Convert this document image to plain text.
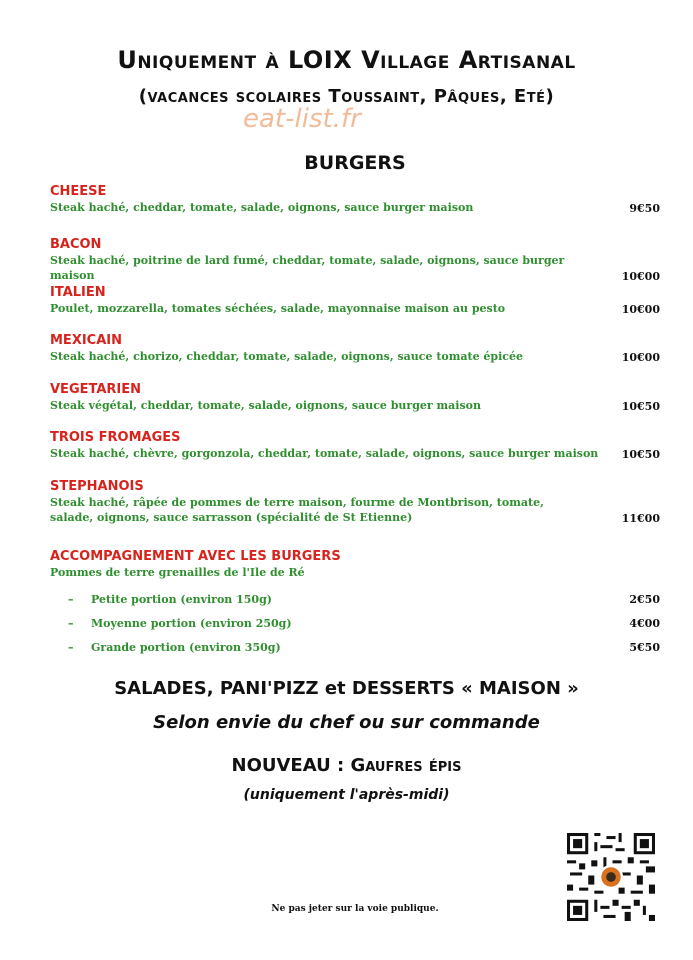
Uniquement à LOIX Village Artisanal
(vacances scolaires Toussaint, Pâques, Eté)
eat-list.fr
BURGERS
CHEESE
Steak haché, cheddar, tomate, salade, oignons, sauce burger maison	9€50
BACON
Steak haché, poitrine de lard fumé, cheddar, tomate, salade, oignons, sauce burger maison	10€00
ITALIEN
Poulet, mozzarella, tomates séchées, salade, mayonnaise maison au pesto	10€00
MEXICAIN
Steak haché, chorizo, cheddar, tomate, salade, oignons, sauce tomate épicée	10€00
VEGETARIEN
Steak végétal, cheddar, tomate, salade, oignons, sauce burger maison	10€50
TROIS FROMAGES
Steak haché, chèvre, gorgonzola, cheddar, tomate, salade, oignons, sauce burger maison 10€50
STEPHANOIS
Steak haché, râpée de pommes de terre maison, fourme de Montbrison, tomate, salade, oignons, sauce sarrasson (spécialité de St Etienne)	11€00
ACCOMPAGNEMENT AVEC LES BURGERS
Pommes de terre grenailles de l'Ile de Ré
– Petite portion (environ 150g)	2€50
– Moyenne portion (environ 250g)	4€00
– Grande portion (environ 350g)	5€50
SALADES, PANI'PIZZ et DESSERTS « MAISON »
Selon envie du chef ou sur commande
NOUVEAU : Gaufres épis
(uniquement l'après-midi)
Ne pas jeter sur la voie publique.
